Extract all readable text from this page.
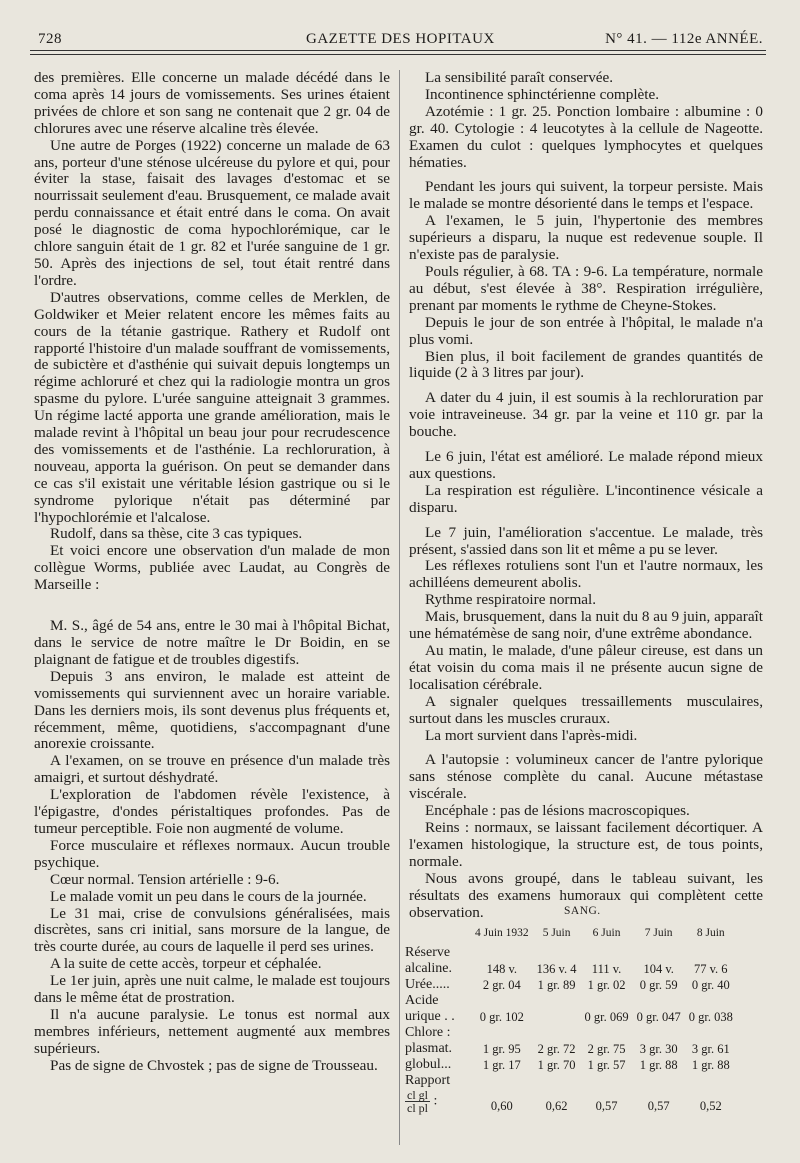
728	GAZETTE DES HOPITAUX	N° 41. — 112e ANNÉE.

des premières. Elle concerne un malade décédé dans le coma après 14 jours de vomissements. Ses urines étaient privées de chlore et son sang ne contenait que 2 gr. 04 de chlorures avec une réserve alcaline très élevée.

Une autre de Porges (1922) concerne un malade de 63 ans, porteur d'une sténose ulcéreuse du pylore et qui, pour éviter la stase, faisait des lavages d'estomac et se nourrissait seulement d'eau. Brusquement, ce malade avait perdu connaissance et était entré dans le coma. On avait posé le diagnostic de coma hypochlorémique, car le chlore sanguin était de 1 gr. 82 et l'urée sanguine de 1 gr. 50. Après des injections de sel, tout était rentré dans l'ordre.

D'autres observations, comme celles de Merklen, de Goldwiker et Meier relatent encore les mêmes faits au cours de la tétanie gastrique. Rathery et Rudolf ont rapporté l'histoire d'un malade souffrant de vomissements, de subictère et d'asthénie qui suivait depuis longtemps un régime achloruré et chez qui la radiologie montra un gros spasme du pylore. L'urée sanguine atteignait 3 grammes. Un régime lacté apporta une grande amélioration, mais le malade revint à l'hôpital un beau jour pour recrudescence des vomissements et de l'asthénie. La rechloruration, à nouveau, apporta la guérison. On peut se demander dans ce cas s'il existait une véritable lésion gastrique ou si le syndrome pylorique n'était pas déterminé par l'hypochlorémie et l'alcalose.

Rudolf, dans sa thèse, cite 3 cas typiques.

Et voici encore une observation d'un malade de mon collègue Worms, publiée avec Laudat, au Congrès de Marseille :

M. S., âgé de 54 ans, entre le 30 mai à l'hôpital Bichat, dans le service de notre maître le Dr Boidin, en se plaignant de fatigue et de troubles digestifs.

Depuis 3 ans environ, le malade est atteint de vomissements qui surviennent avec un horaire variable. Dans les derniers mois, ils sont devenus plus fréquents et, récemment, même, quotidiens, s'accompagnant d'une anorexie croissante.

A l'examen, on se trouve en présence d'un malade très amaigri, et surtout déshydraté.

L'exploration de l'abdomen révèle l'existence, à l'épigastre, d'ondes péristaltiques profondes. Pas de tumeur perceptible. Foie non augmenté de volume.

Force musculaire et réflexes normaux. Aucun trouble psychique.

Cœur normal. Tension artérielle : 9-6.

Le malade vomit un peu dans le cours de la journée.

Le 31 mai, crise de convulsions généralisées, mais discrètes, sans cri initial, sans morsure de la langue, de très courte durée, au cours de laquelle il perd ses urines.

A la suite de cette accès, torpeur et céphalée.

Le 1er juin, après une nuit calme, le malade est toujours dans le même état de prostration.

Il n'a aucune paralysie. Le tonus est normal aux membres inférieurs, nettement augmenté aux membres supérieurs.

Pas de signe de Chvostek ; pas de signe de Trousseau.

La sensibilité paraît conservée.

Incontinence sphinctérienne complète.

Azotémie : 1 gr. 25. Ponction lombaire : albumine : 0 gr. 40. Cytologie : 4 leucotytes à la cellule de Nageotte. Examen du culot : quelques lymphocytes et quelques hématies.

Pendant les jours qui suivent, la torpeur persiste. Mais le malade se montre désorienté dans le temps et l'espace.

A l'examen, le 5 juin, l'hypertonie des membres supérieurs a disparu, la nuque est redevenue souple. Il n'existe pas de paralysie.

Pouls régulier, à 68. TA : 9-6. La température, normale au début, s'est élevée à 38°. Respiration irrégulière, prenant par moments le rythme de Cheyne-Stokes.

Depuis le jour de son entrée à l'hôpital, le malade n'a plus vomi.

Bien plus, il boit facilement de grandes quantités de liquide (2 à 3 litres par jour).

A dater du 4 juin, il est soumis à la rechloruration par voie intraveineuse. 34 gr. par la veine et 110 gr. par la bouche.

Le 6 juin, l'état est amélioré. Le malade répond mieux aux questions.

La respiration est régulière. L'incontinence vésicale a disparu.

Le 7 juin, l'amélioration s'accentue. Le malade, très présent, s'assied dans son lit et même a pu se lever.

Les réflexes rotuliens sont l'un et l'autre normaux, les achilléens demeurent abolis.

Rythme respiratoire normal.

Mais, brusquement, dans la nuit du 8 au 9 juin, apparaît une hématémèse de sang noir, d'une extrême abondance.

Au matin, le malade, d'une pâleur cireuse, est dans un état voisin du coma mais il ne présente aucun signe de localisation cérébrale.

A signaler quelques tressaillements musculaires, surtout dans les muscles cruraux.

La mort survient dans l'après-midi.

A l'autopsie : volumineux cancer de l'antre pylorique sans sténose complète du canal. Aucune métastase viscérale.

Encéphale : pas de lésions macroscopiques.

Reins : normaux, se laissant facilement décortiquer. A l'examen histologique, la structure est, de tous points, normale.

Nous avons groupé, dans le tableau suivant, les résultats des examens humoraux qui complètent cette observation.	SANG.
	4 Juin 1932	5 Juin	6 Juin	7 Juin	8 Juin
Réserve					
alcaline.	148 v.	136 v. 4	111 v.	104 v.	77 v. 6
Urée.....	2 gr. 04	1 gr. 89	1 gr. 02	0 gr. 59	0 gr. 40
Acide					
urique . .	0 gr. 102		0 gr. 069	0 gr. 047	0 gr. 038
Chlore :					
plasmat.	1 gr. 95	2 gr. 72	2 gr. 75	3 gr. 30	3 gr. 61
globul...	1 gr. 17	1 gr. 70	1 gr. 57	1 gr. 88	1 gr. 88
Rapport					

$\frac{\text{cl gl}}{\text{cl pl}}$ :	0,60	0,62	0,57	0,57	0,52
